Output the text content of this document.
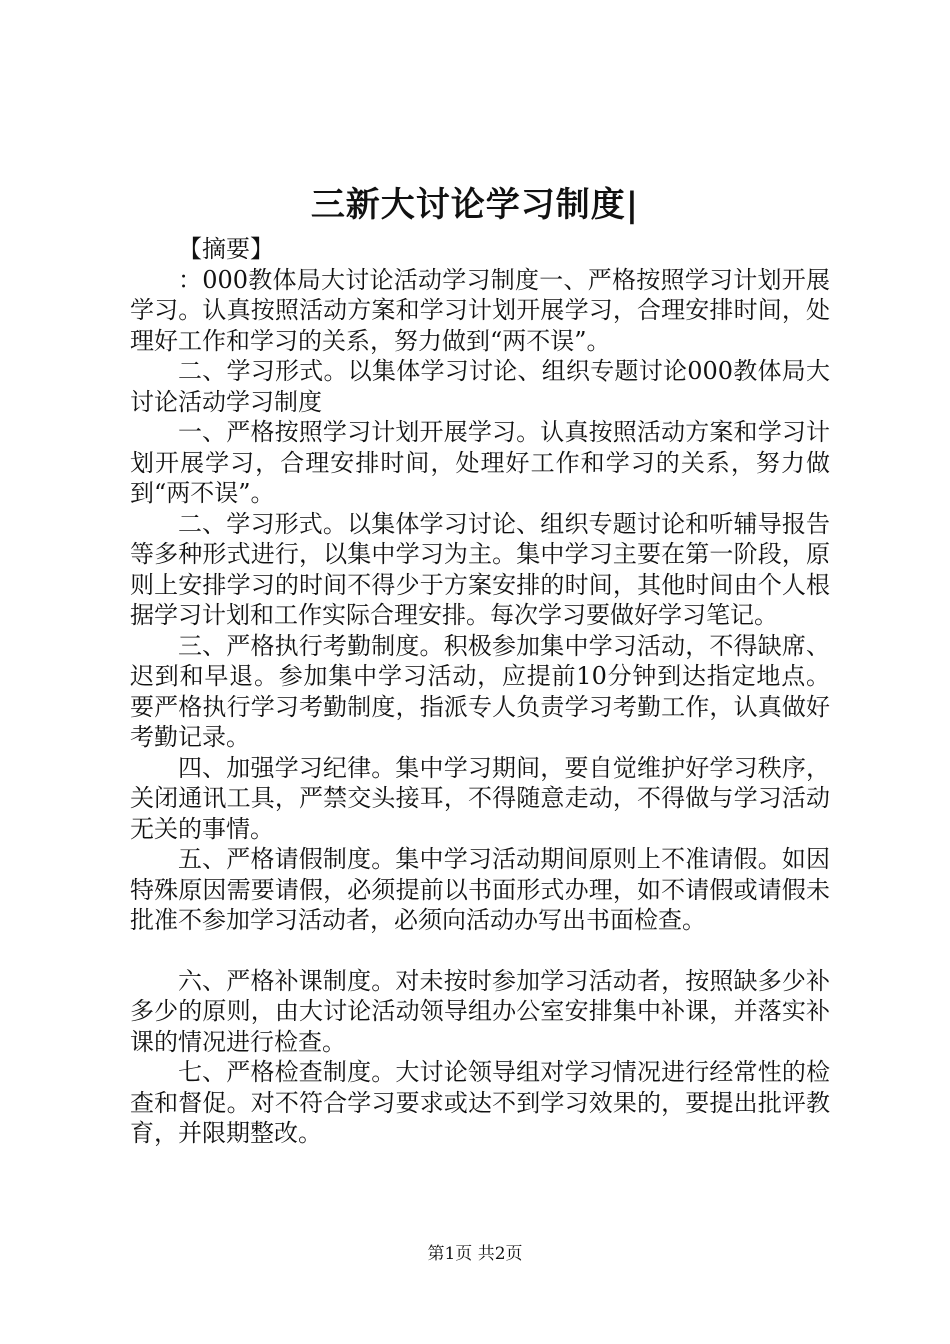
三新大讨论学习制度|

【摘要】

：000教体局大讨论活动学习制度一、严格按照学习计划开展学习。认真按照活动方案和学习计划开展学习，合理安排时间，处理好工作和学习的关系，努力做到“两不误”。

二、学习形式。以集体学习讨论、组织专题讨论000教体局大讨论活动学习制度

一、严格按照学习计划开展学习。认真按照活动方案和学习计划开展学习，合理安排时间，处理好工作和学习的关系，努力做到“两不误”。

二、学习形式。以集体学习讨论、组织专题讨论和听辅导报告等多种形式进行，以集中学习为主。集中学习主要在第一阶段，原则上安排学习的时间不得少于方案安排的时间，其他时间由个人根据学习计划和工作实际合理安排。每次学习要做好学习笔记。

三、严格执行考勤制度。积极参加集中学习活动，不得缺席、迟到和早退。参加集中学习活动，应提前10分钟到达指定地点。要严格执行学习考勤制度，指派专人负责学习考勤工作，认真做好考勤记录。

四、加强学习纪律。集中学习期间，要自觉维护好学习秩序，关闭通讯工具，严禁交头接耳，不得随意走动，不得做与学习活动无关的事情。

五、严格请假制度。集中学习活动期间原则上不准请假。如因特殊原因需要请假，必须提前以书面形式办理，如不请假或请假未批准不参加学习活动者，必须向活动办写出书面检查。

六、严格补课制度。对未按时参加学习活动者，按照缺多少补多少的原则，由大讨论活动领导组办公室安排集中补课，并落实补课的情况进行检查。

七、严格检查制度。大讨论领导组对学习情况进行经常性的检查和督促。对不符合学习要求或达不到学习效果的，要提出批评教育，并限期整改。

第1页 共2页
